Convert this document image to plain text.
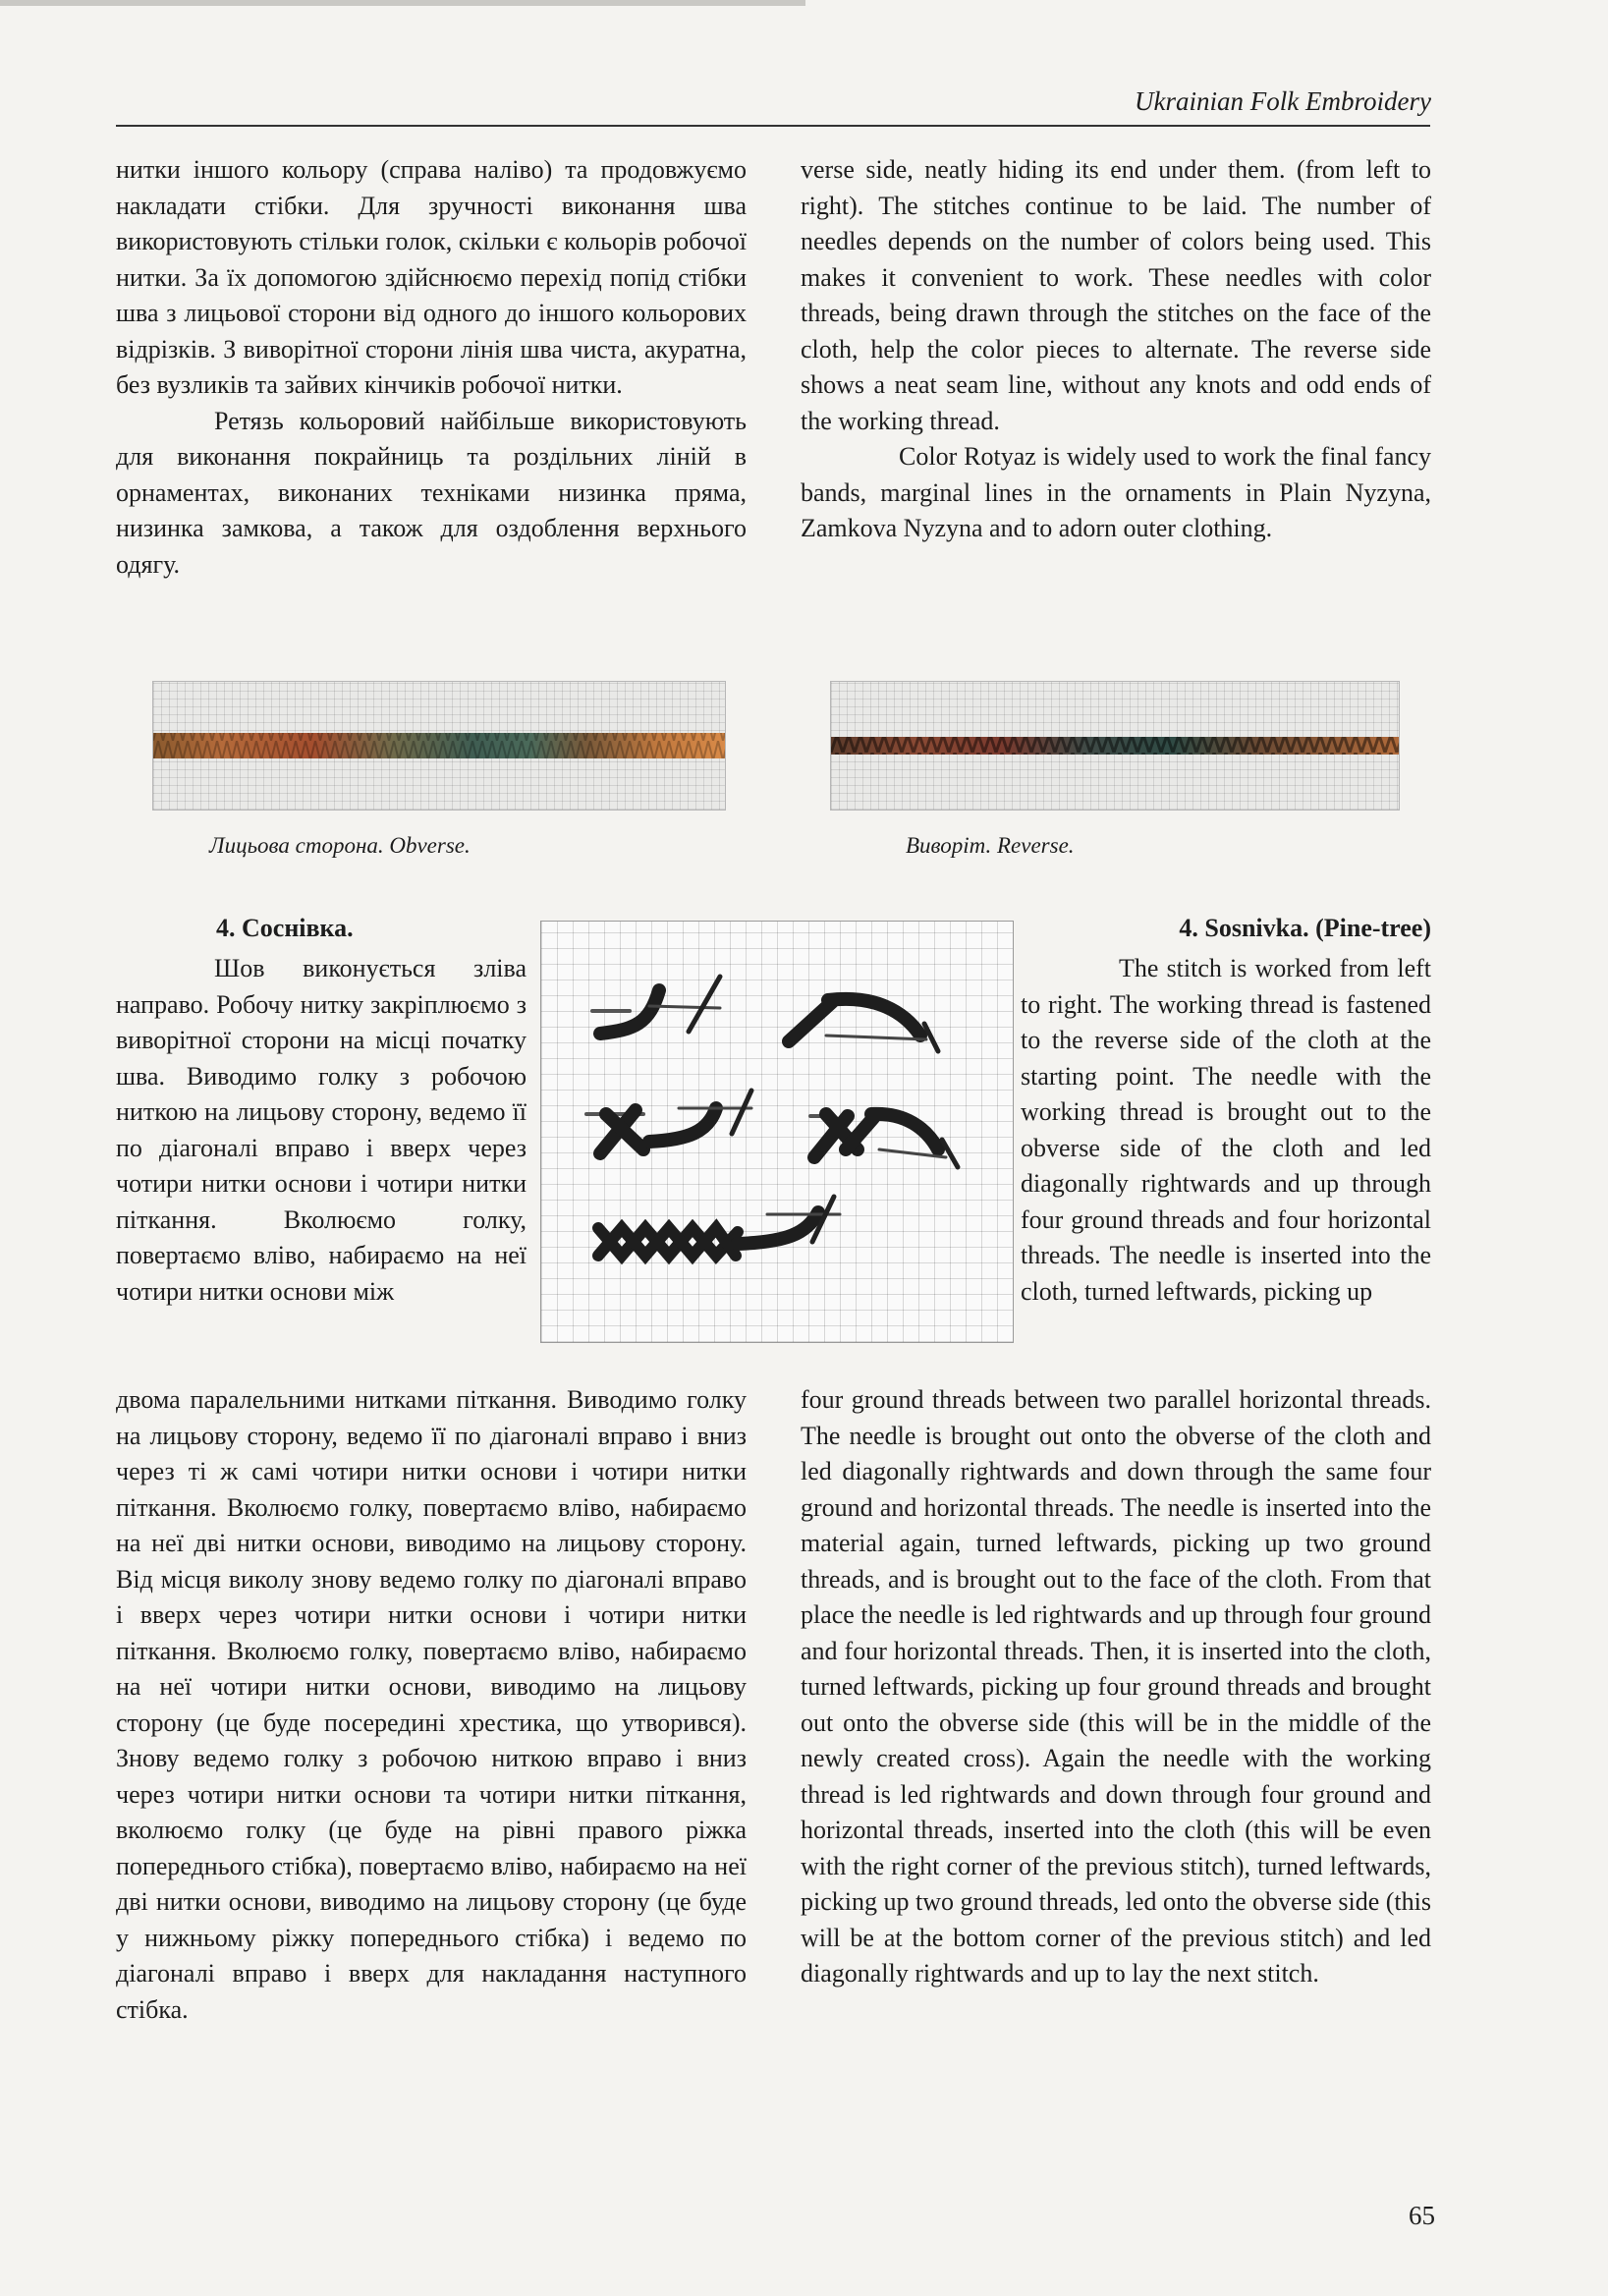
Ukrainian Folk Embroidery

нитки іншого кольору (справа наліво) та продовжуємо накладати стібки. Для зручності виконання шва використовують стільки голок, скільки є кольорів робочої нитки. За їх допомогою здійснюємо перехід попід стібки шва з лицьової сторони від одного до іншого кольорових відрізків. З виворітної сторони лінія шва чиста, акуратна, без вузликів та зайвих кінчиків робочої нитки.

Ретязь кольоровий найбільше використовують для виконання покрайниць та роздільних ліній в орнаментах, виконаних техніками низинка пряма, низинка замкова, а також для оздоблення верхнього одягу.

verse side, neatly hiding its end under them. (from left to right). The stitches continue to be laid. The number of needles depends on the number of colors being used. This makes it convenient to work. These needles with color threads, being drawn through the stitches on the face of the cloth, help the color pieces to alternate. The reverse side shows a neat seam line, without any knots and odd ends of the working thread.

Color Rotyaz is widely used to work the final fancy bands, marginal lines in the ornaments in Plain Nyzyna, Zamkova Nyzyna and to adorn outer clothing.

Лицьова сторона. Obverse.	Виворіт. Reverse.
4. Соснівка.

Шов виконується зліва направо. Робочу нитку закріплюємо з виворітної сторони на місці початку шва. Виводимо голку з робочою ниткою на лицьову сторону, ведемо її по діагоналі вправо і вверх через чотири нитки основи і чотири нитки піткання. Вколюємо голку, повертаємо вліво, набираємо на неї чотири нитки основи між

двома паралельними нитками піткання. Виводимо голку на лицьову сторону, ведемо її по діагоналі вправо і вниз через ті ж самі чотири нитки основи і чотири нитки піткання. Вколюємо голку, повертаємо вліво, набираємо на неї дві нитки основи, виводимо на лицьову сторону. Від місця виколу знову ведемо голку по діагоналі вправо і вверх через чотири нитки основи і чотири нитки піткання. Вколюємо голку, повертаємо вліво, набираємо на неї чотири нитки основи, виводимо на лицьову сторону (це буде посередині хрестика, що утворився). Знову ведемо голку з робочою ниткою вправо і вниз через чотири нитки основи та чотири нитки піткання, вколюємо голку (це буде на рівні правого ріжка попереднього стібка), повертаємо вліво, набираємо на неї дві нитки основи, виводимо на лицьову сторону (це буде у нижньому ріжку попереднього стібка) і ведемо по діагоналі вправо і вверх для накладання наступного стібка.

4. Sosnivka. (Pine-tree)

The stitch is worked from left to right. The working thread is fastened to the reverse side of the cloth at the starting point. The needle with the working thread is brought out to the obverse side of the cloth and led diagonally rightwards and up through four ground threads and four horizontal threads. The needle is inserted into the cloth, turned leftwards, picking up

four ground threads between two parallel horizontal threads. The needle is brought out onto the obverse of the cloth and led diagonally rightwards and down through the same four ground and horizontal threads. The needle is inserted into the material again, turned leftwards, picking up two ground threads, and is brought out to the face of the cloth. From that place the needle is led rightwards and up through four ground and four horizontal threads. Then, it is inserted into the cloth, turned leftwards, picking up four ground threads and brought out onto the obverse side (this will be in the middle of the newly created cross). Again the needle with the working thread is led rightwards and down through four ground and horizontal threads, inserted into the cloth (this will be even with the right corner of the previous stitch), turned leftwards, picking up two ground threads, led onto the obverse side (this will be at the bottom corner of the previous stitch) and led diagonally rightwards and up to lay the next stitch.

65
